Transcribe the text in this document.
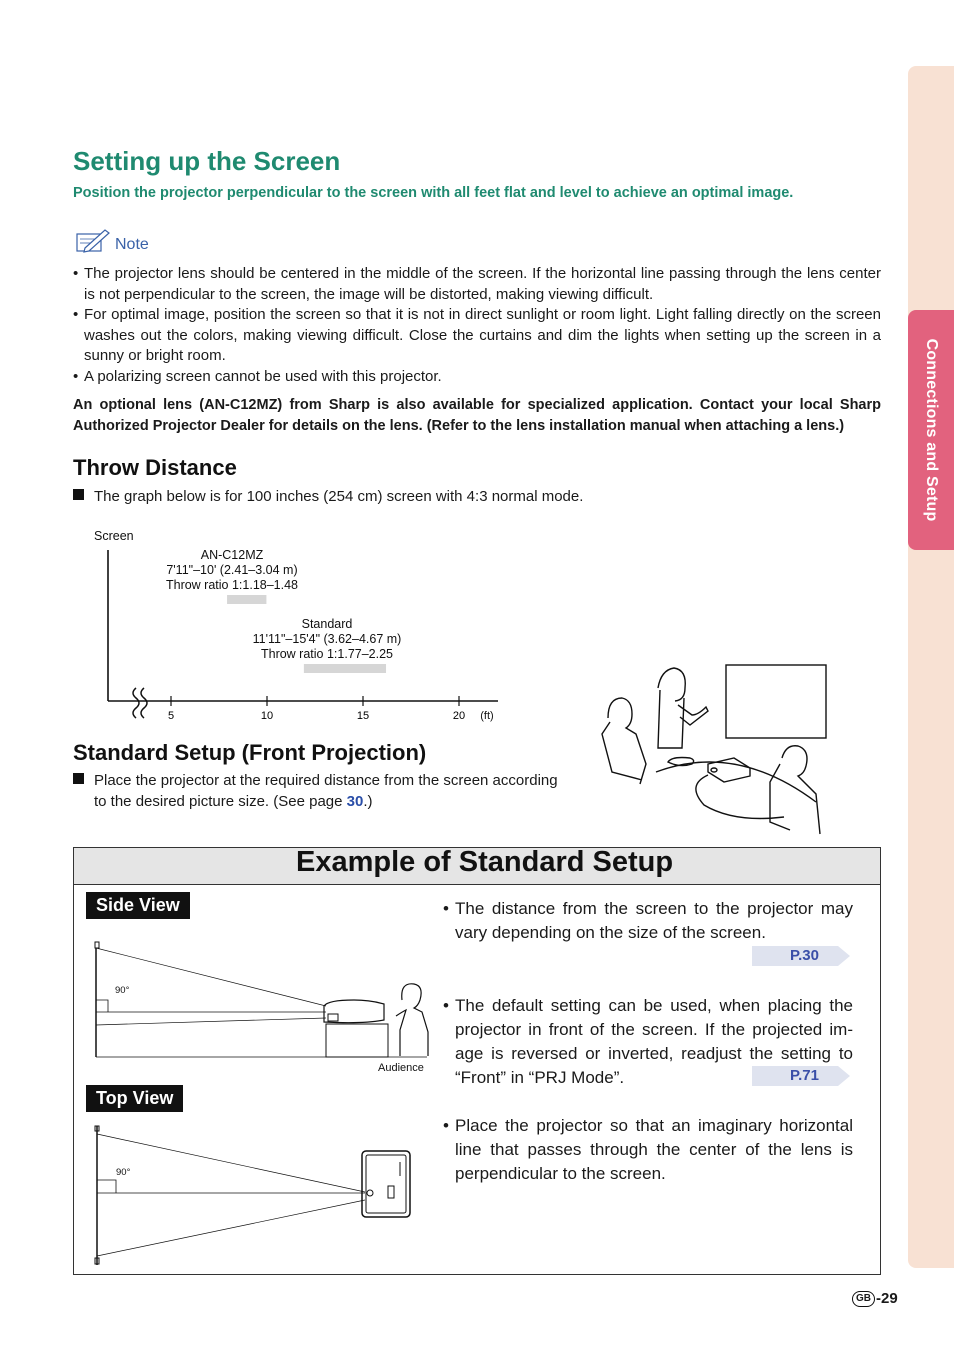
Connections and Setup
Setting up the Screen
Position the projector perpendicular to the screen with all feet flat and level to achieve an optimal image.
Note
• The projector lens should be centered in the middle of the screen. If the horizontal line passing through the lens center is not perpendicular to the screen, the image will be distorted, making viewing difficult.
• For optimal image, position the screen so that it is not in direct sunlight or room light. Light falling directly on the screen washes out the colors, making viewing difficult. Close the curtains and dim the lights when setting up the screen in a sunny or bright room.
• A polarizing screen cannot be used with this projector.
An optional lens (AN-C12MZ) from Sharp is also available for specialized application. Contact your local Sharp Authorized Projector Dealer for details on the lens. (Refer to the lens installation manual when attaching a lens.)
Throw Distance
The graph below is for 100 inches (254 cm) screen with 4:3 normal mode.
Screen
5	10	15	20
AN-C12MZ
7'11"–10' (2.41–3.04 m)
Throw ratio 1:1.18–1.48
Standard
11'11"–15'4" (3.62–4.67 m)
Throw ratio 1:1.77–2.25
(ft)
Standard Setup (Front Projection)
Place the projector at the required distance from the screen according to the desired picture size. (See page 30.)
Example of Standard Setup
Side View
90°
Audience
Top View
90°
• The distance from the screen to the projector may vary depending on the size of the screen.
P.30
• The default setting can be used, when placing the projector in front of the screen. If the projected im-age is reversed or inverted, readjust the setting to “Front” in “PRJ Mode”.	P.71
• Place the projector so that an imaginary horizontal line that passes through the center of the lens is perpendicular to the screen.
GB -29
